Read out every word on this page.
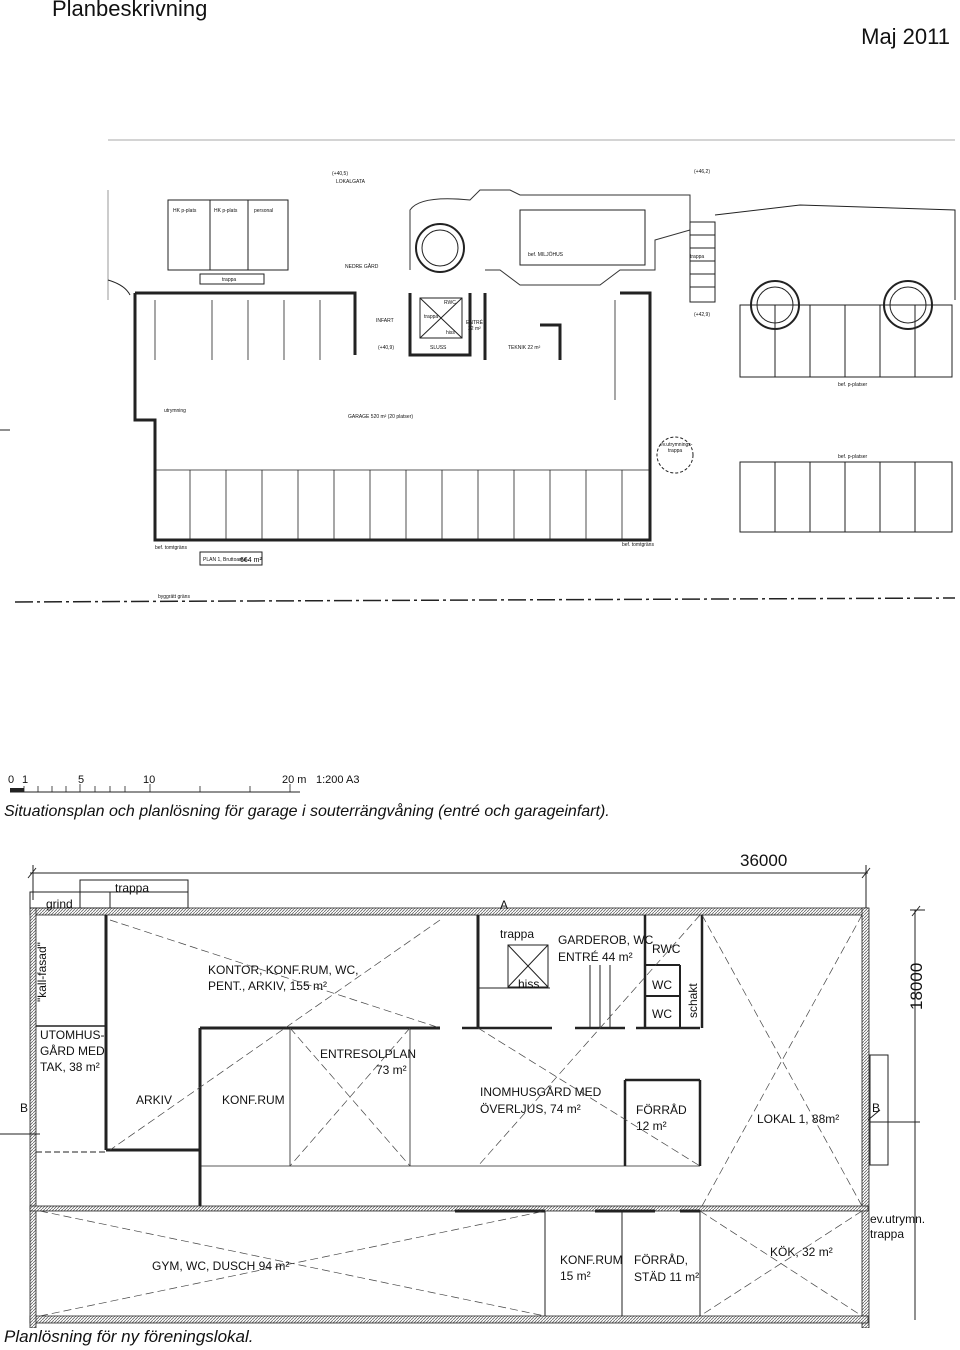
Planbeskrivning
Maj 2011
HK p-plats	HK p-plats	personal
trappa
(+40,5)
LOKALGATA
(+46,2)
bef. MILJÖHUS	trappa
NEDRE GÅRD
INFART
RWC
trappa
hiss
ENTRÉ
22 m²
SLUSS	TEKNIK 22 m²
(+40,9)
(+42,9)
utrymning
GARAGE 520 m² (20 platser)
bef. p-platser
ev.utrymnings-
trappa
bef. p-platser
bef. tomtgräns
PLAN 1, Bruttoarea
664 m²
bef. tomtgräns
byggrätt gräns
0 1	5	10	20 m 1:200 A3
Situationsplan och planlösning för garage i souterrängvåning (entré och garageinfart).
36000
18000
grind
trappa
A
"kall-fasad"
trappa
hiss
GARDEROB, WC
ENTRÉ 44 m²
RWC
WC
WC schakt
KONTOR, KONF.RUM, WC,
PENT., ARKIV, 155 m²
UTOMHUS-
GÅRD MED
TAK, 38 m²
ENTRESOLPLAN
73 m²
B
ARKIV	KONF.RUM
INOMHUSGÅRD MED
ÖVERLJUS, 74 m²	FÖRRÅD
12 m²	LOKAL 1, 88m²
B
ev.utrymn.
trappa
GYM, WC, DUSCH 94 m²	KONF.RUM
15 m²
FÖRRÅD,
STÄD 11 m²
KÖK, 32 m²
Planlösning för ny föreningslokal.
